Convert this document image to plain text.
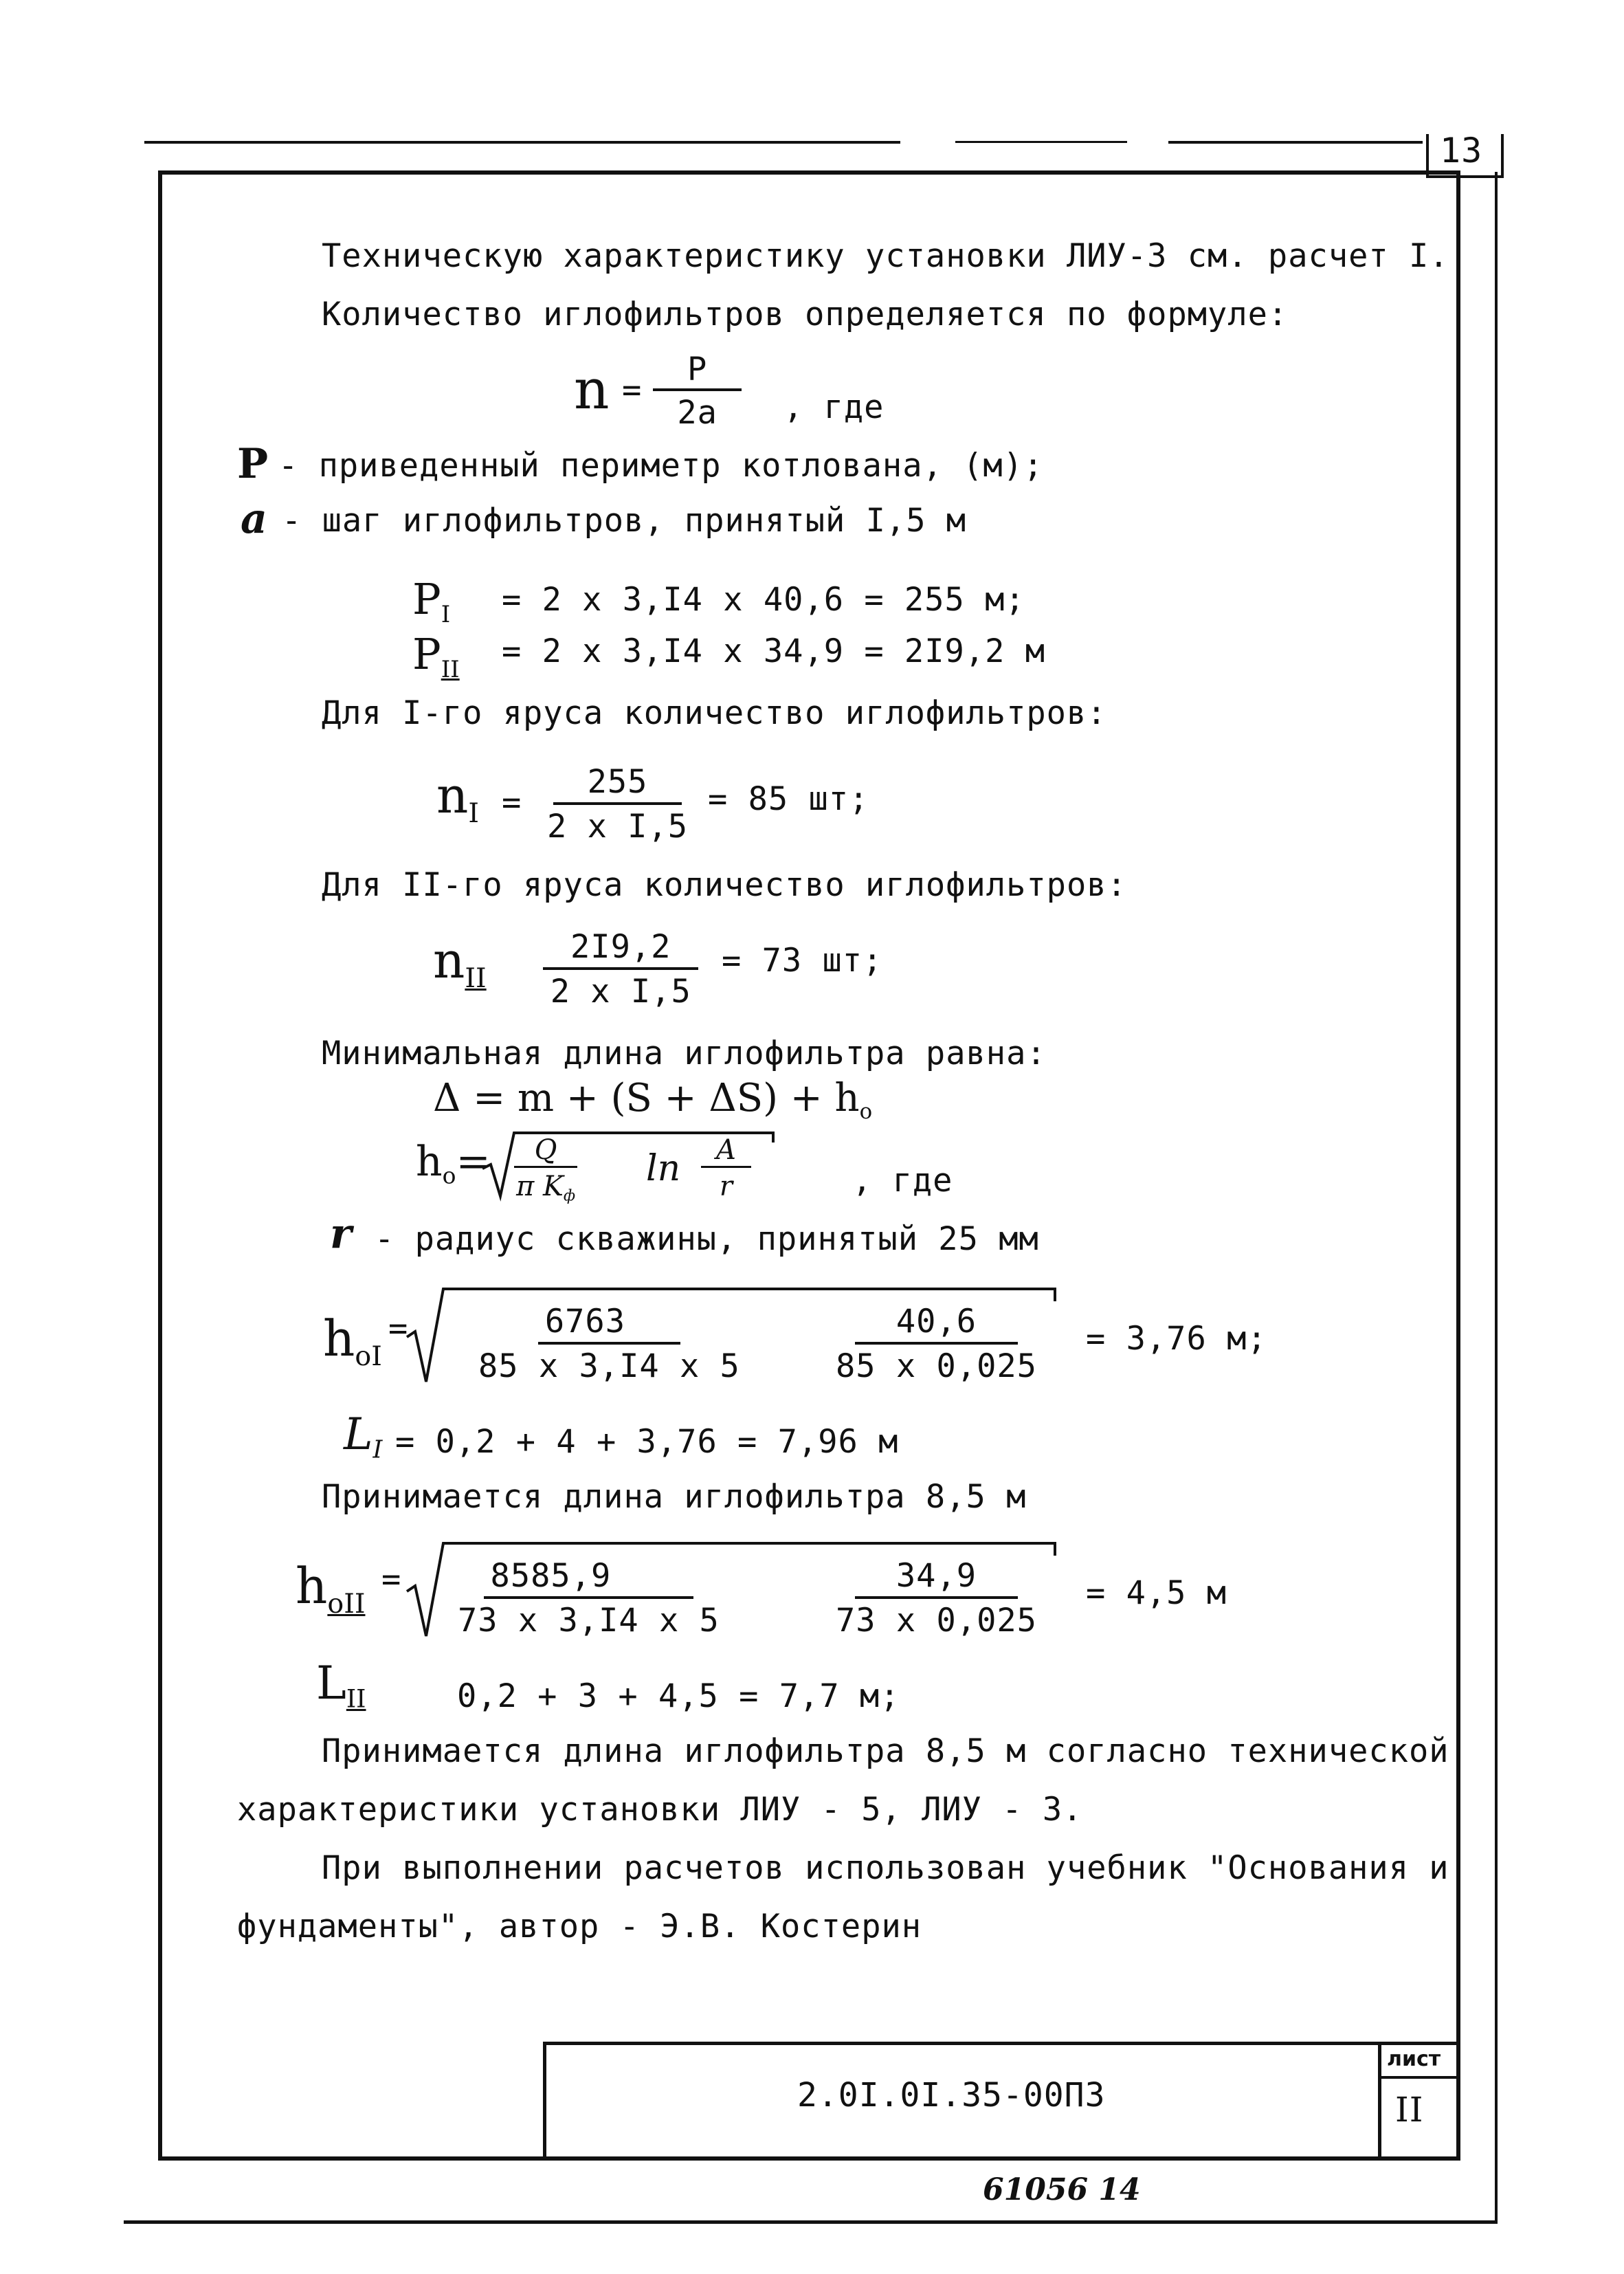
13
Техническую характеристику установки ЛИУ-3 см. расчет I.
Количество иглофильтров определяется по формуле:
$n = \frac{P}{2a}$ , где
P - приведенный периметр котлована, (м);
a - шаг иглофильтров, принятый I,5 м
$P_I = 2$ x 3,I4 x 40,6 = 255 м;
$P_{II} = 2$ x 3,I4 x 34,9 = 2I9,2 м
Для I-го яруса количество иглофильтров:
$n_I = \frac{255}{\text{2 x I,5}} = 85$ шт;
Для II-го яруса количество иглофильтров:
$n_{II} \frac{2I9,2}{\text{2 x I,5}} = 73$ шт;
Минимальная длина иглофильтра равна:
$\Delta = m + (S + \Delta S) + h_o$
$h_o=$	Q
π $K_ф$
$\ln \frac{A}{r}$	, где
r - радиус скважины, принятый 25 мм
$h_{oI}$
= $\frac{6763}{85 x 3,I4 x 5}$	$\frac{40,6}{85 x 0,025} = 3,76$ м;
$L_I = 0,2 + 4 + 3,76 = 7,96$ м
Принимается длина иглофильтра 8,5 м
$h_{oII}$
= $\frac{8585,9}{73 x 3,I4 x 5}$	$\frac{34,9}{73 x 0,025} = 4,5$ м
$L_{II}$	0,2 + 3 + 4,5 = 7,7 м;
Принимается длина иглофильтра 8,5 м согласно технической
характеристики установки ЛИУ - 5, ЛИУ - 3.
При выполнении расчетов использован учебник "Основания и
фундаменты", автор - Э.В. Костерин
2.0I.0I.35-00ПЗ
лист
II
61056 14
